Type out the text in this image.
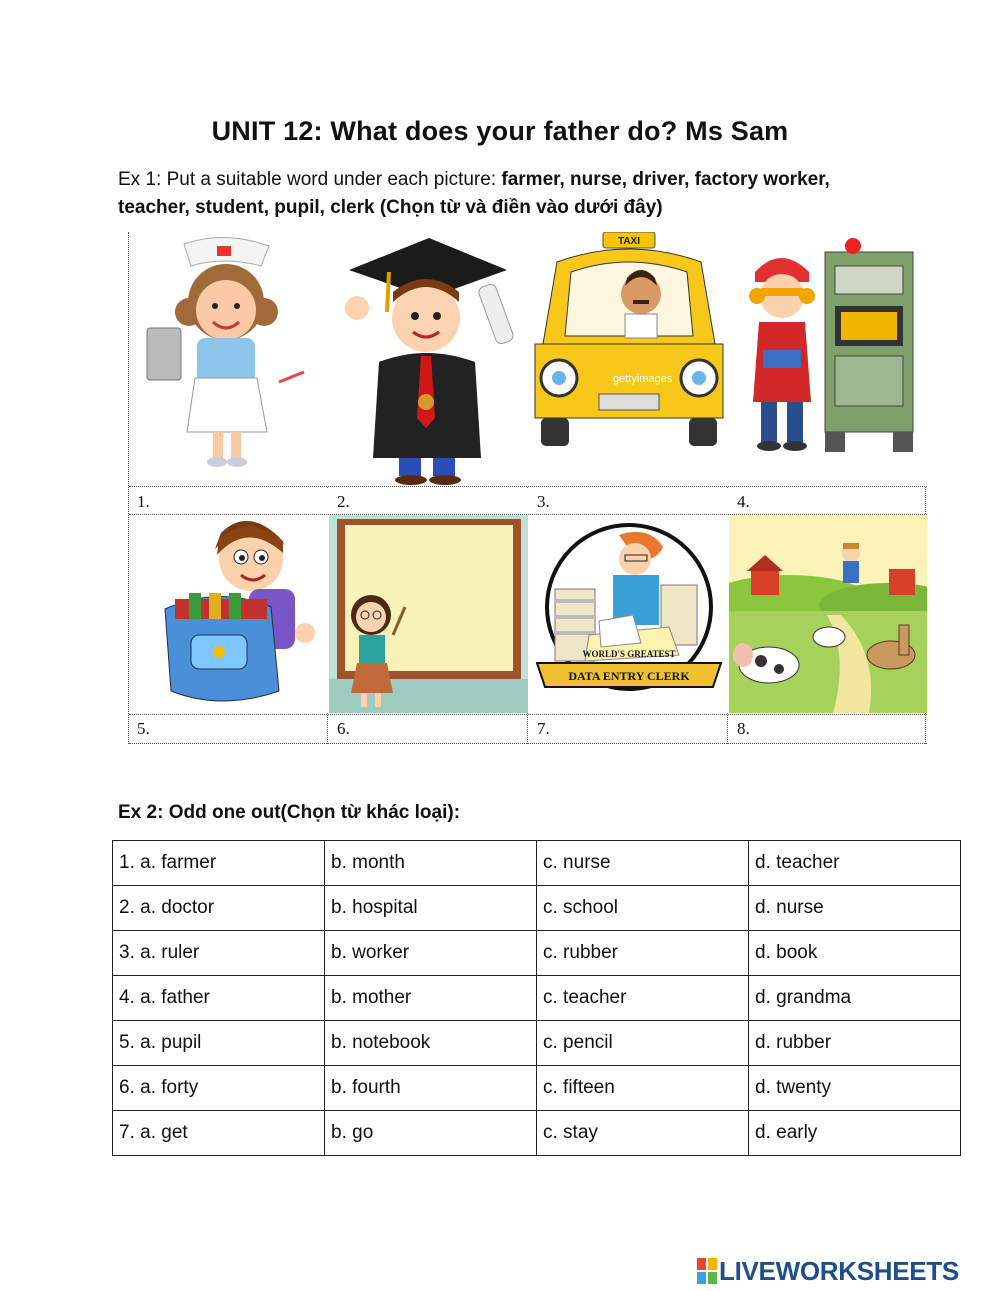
UNIT 12: What does your father do? Ms Sam
Ex 1: Put a suitable word under each picture: farmer, nurse, driver, factory worker, teacher, student, pupil, clerk (Chọn từ và điền vào dưới đây)
1.	2.
TAXI
gettyimages
3.	4.
5.	6.
WORLD'S GREATEST
DATA ENTRY CLERK
7.	8.
Ex 2: Odd one out(Chọn từ khác loại):
1. a. farmer	b. month	c. nurse	d. teacher
2. a. doctor	b. hospital	c. school	d. nurse
3. a. ruler	b. worker	c. rubber	d. book
4. a. father	b. mother	c. teacher	d. grandma
5. a. pupil	b. notebook	c. pencil	d. rubber
6. a. forty	b. fourth	c. fifteen	d. twenty
7. a. get	b. go	c. stay	d. early
LIVEWORKSHEETS
